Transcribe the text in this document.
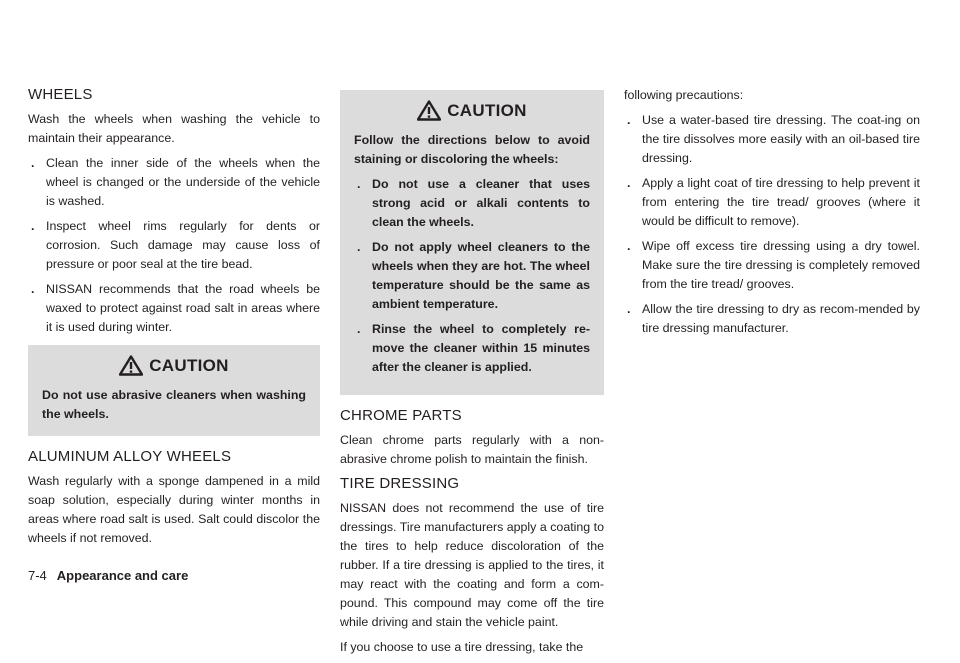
WHEELS

Wash the wheels when washing the vehicle to maintain their appearance.

. Clean the inner side of the wheels when the wheel is changed or the underside of the vehicle is washed.
. Inspect wheel rims regularly for dents or corrosion. Such damage may cause loss of pressure or poor seal at the tire bead.
. NISSAN recommends that the road wheels be waxed to protect against road salt in areas where it is used during winter.
CAUTION

Do not use abrasive cleaners when washing the wheels.

ALUMINUM ALLOY WHEELS

Wash regularly with a sponge dampened in a mild soap solution, especially during winter months in areas where road salt is used. Salt could discolor the wheels if not removed.

CAUTION

Follow the directions below to avoid staining or discoloring the wheels:

. Do not use a cleaner that uses strong acid or alkali contents to clean the wheels.
. Do not apply wheel cleaners to the wheels when they are hot. The wheel temperature should be the same as ambient temperature.
. Rinse the wheel to completely re-move the cleaner within 15 minutes after the cleaner is applied.
CHROME PARTS

Clean chrome parts regularly with a non-abrasive chrome polish to maintain the finish.

TIRE DRESSING

NISSAN does not recommend the use of tire dressings. Tire manufacturers apply a coating to the tires to help reduce discoloration of the rubber. If a tire dressing is applied to the tires, it may react with the coating and form a com-pound. This compound may come off the tire while driving and stain the vehicle paint.

If you choose to use a tire dressing, take the

following precautions:

. Use a water-based tire dressing. The coat-ing on the tire dissolves more easily with an oil-based tire dressing.
. Apply a light coat of tire dressing to help prevent it from entering the tire tread/ grooves (where it would be difficult to remove).
. Wipe off excess tire dressing using a dry towel. Make sure the tire dressing is completely removed from the tire tread/ grooves.
. Allow the tire dressing to dry as recom-mended by tire dressing manufacturer.
7-4 Appearance and care
